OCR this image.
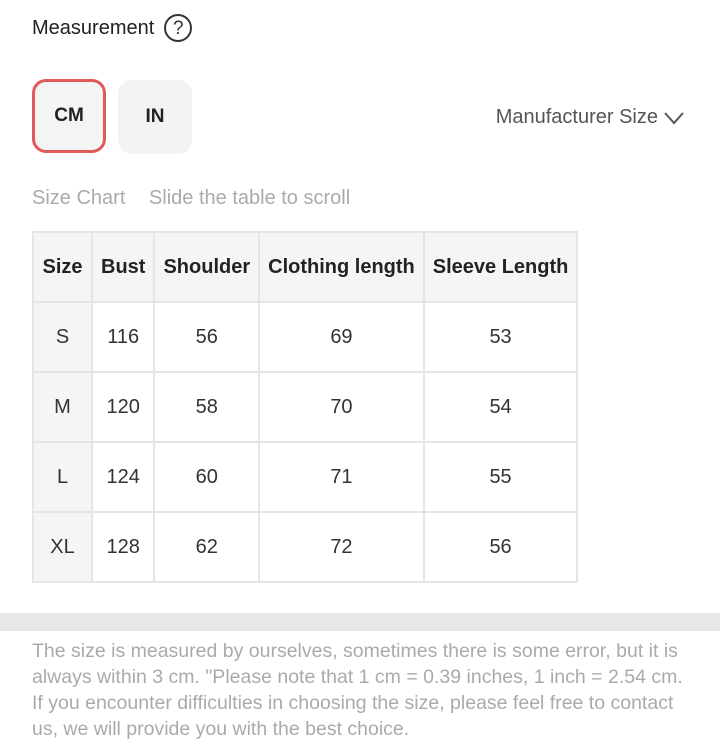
Measurement ?
CM	IN	Manufacturer Size
Size Chart Slide the table to scroll
Size	Bust	Shoulder	Clothing length	Sleeve Length
S	116	56	69	53
M	120	58	70	54
L	124	60	71	55
XL	128	62	72	56

The size is measured by ourselves, sometimes there is some error, but it is always within 3 cm. "Please note that 1 cm = 0.39 inches, 1 inch = 2.54 cm. If you encounter difficulties in choosing the size, please feel free to contact us, we will provide you with the best choice.
